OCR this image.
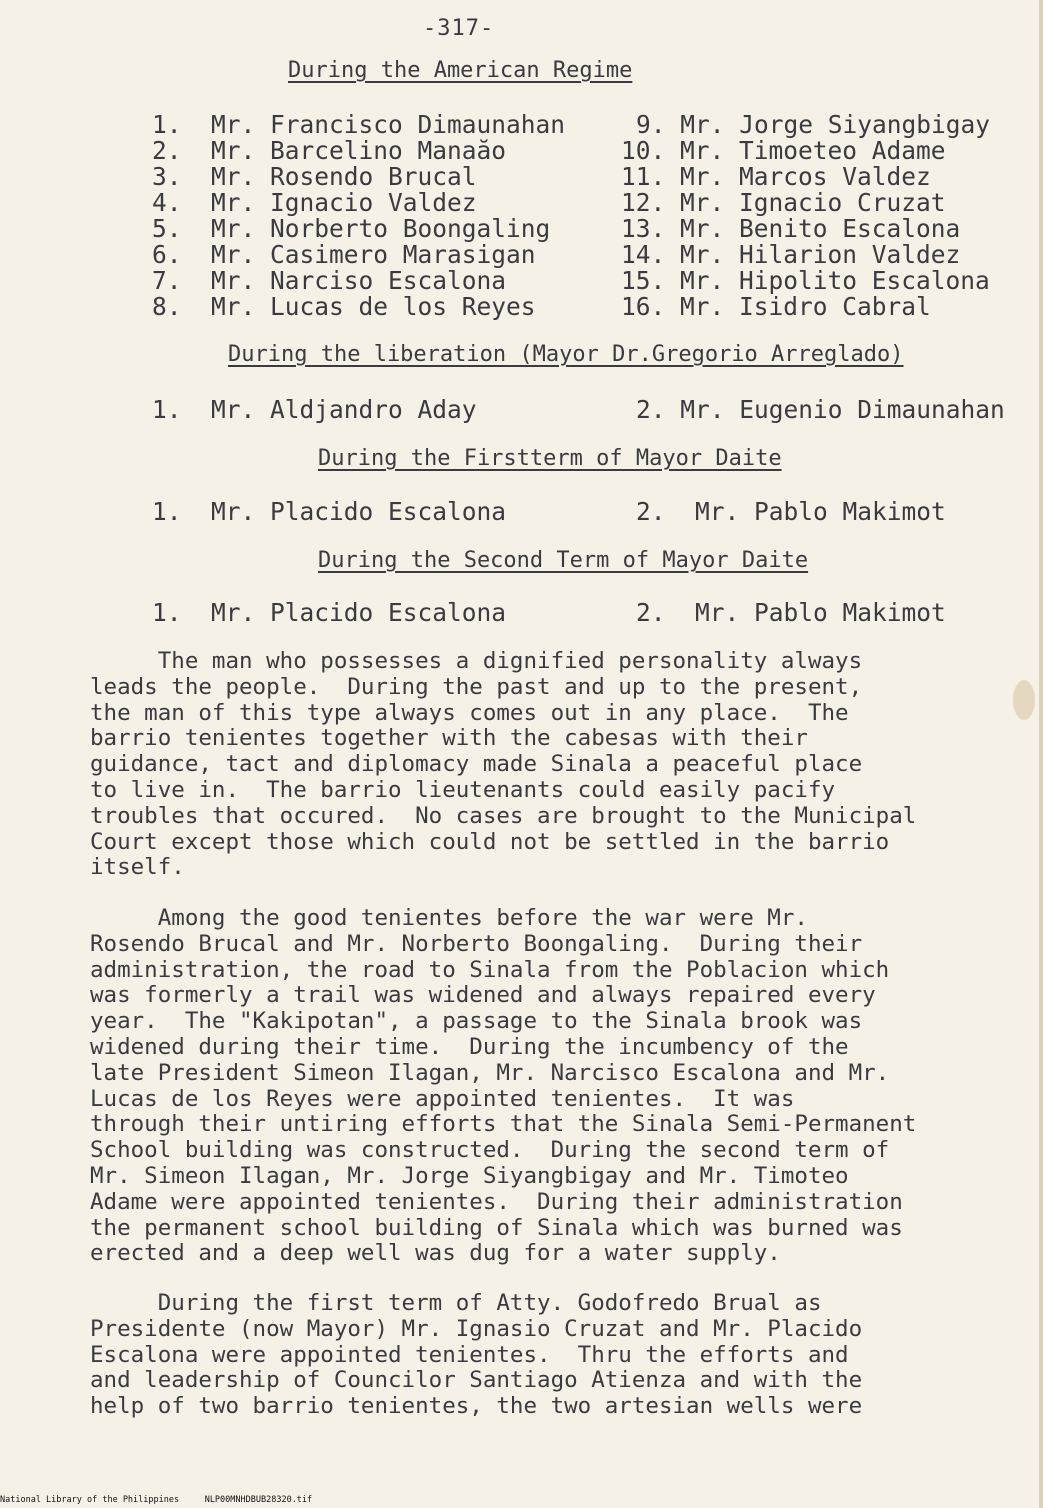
-317-
During the American Regime
1.  Mr. Francisco Dimaunahan	9. Mr. Jorge Siyangbigay
2.  Mr. Barcelino Manaăo	10. Mr. Timoeteo Adame
3.  Mr. Rosendo Brucal	11. Mr. Marcos Valdez
4.  Mr. Ignacio Valdez	12. Mr. Ignacio Cruzat
5.  Mr. Norberto Boongaling	13. Mr. Benito Escalona
6.  Mr. Casimero Marasigan	14. Mr. Hilarion Valdez
7.  Mr. Narciso Escalona	15. Mr. Hipolito Escalona
8.  Mr. Lucas de los Reyes	16. Mr. Isidro Cabral
During the liberation (Mayor Dr.Gregorio Arreglado)
1.  Mr. Aldjandro Aday	2. Mr. Eugenio Dimaunahan
During the Firstterm of Mayor Daite
1.  Mr. Placido Escalona	2.  Mr. Pablo Makimot
During the Second Term of Mayor Daite
1.  Mr. Placido Escalona	2.  Mr. Pablo Makimot

The man who possesses a dignified personality always
leads the people.  During the past and up to the present,
the man of this type always comes out in any place.  The
barrio tenientes together with the cabesas with their
guidance, tact and diplomacy made Sinala a peaceful place
to live in.  The barrio lieutenants could easily pacify
troubles that occured.  No cases are brought to the Municipal
Court except those which could not be settled in the barrio
itself.

Among the good tenientes before the war were Mr.
Rosendo Brucal and Mr. Norberto Boongaling.  During their
administration, the road to Sinala from the Poblacion which
was formerly a trail was widened and always repaired every
year.  The "Kakipotan", a passage to the Sinala brook was
widened during their time.  During the incumbency of the
late President Simeon Ilagan, Mr. Narcisco Escalona and Mr.
Lucas de los Reyes were appointed tenientes.  It was
through their untiring efforts that the Sinala Semi-Permanent
School building was constructed.  During the second term of
Mr. Simeon Ilagan, Mr. Jorge Siyangbigay and Mr. Timoteo
Adame were appointed tenientes.  During their administration
the permanent school building of Sinala which was burned was
erected and a deep well was dug for a water supply.

During the first term of Atty. Godofredo Brual as
Presidente (now Mayor) Mr. Ignasio Cruzat and Mr. Placido
Escalona were appointed tenientes.  Thru the efforts and
and leadership of Councilor Santiago Atienza and with the
help of two barrio tenientes, the two artesian wells were

National Library of the Philippines     NLP00MNHDBUB28320.tif
